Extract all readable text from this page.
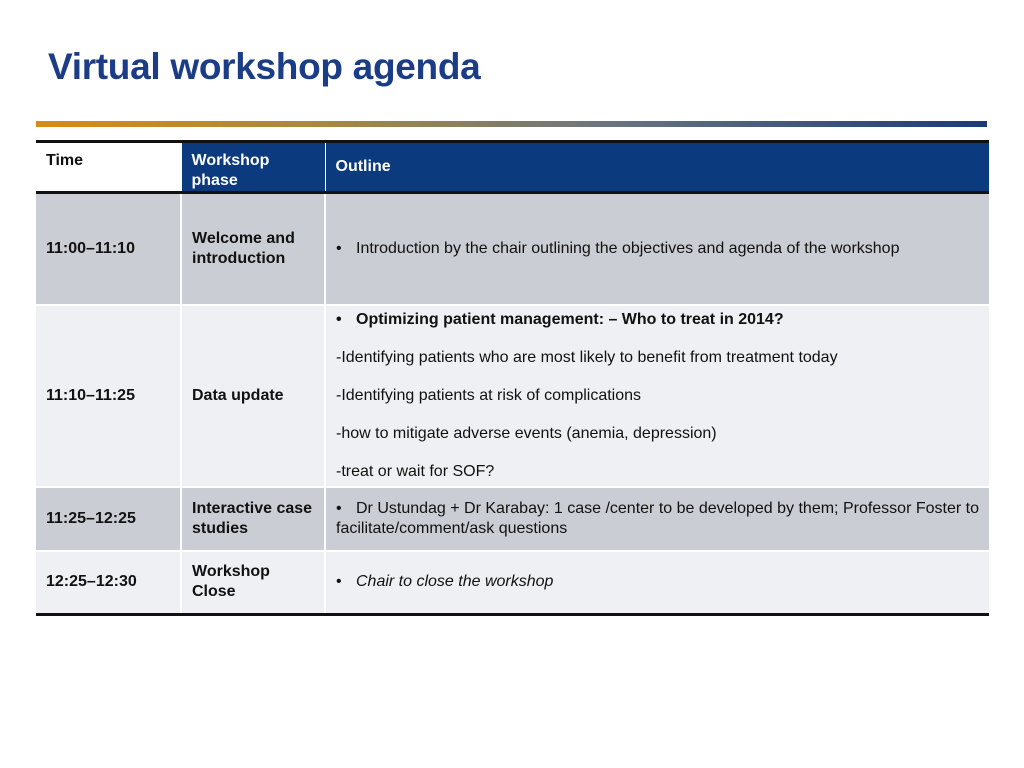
Virtual workshop agenda
Time	Workshop phase	Outline
11:00–11:10	Welcome and introduction	• Introduction by the chair outlining the objectives and agenda of the workshop

11:10–11:25	Data update	• Optimizing patient management: – Who to treat in 2014?
-Identifying patients who are most likely to benefit from treatment today
-Identifying patients at risk of complications
-how to mitigate adverse events (anemia, depression)
-treat or wait for SOF?

11:25–12:25	Interactive case studies	• Dr Ustundag + Dr Karabay: 1 case /center to be developed by them; Professor Foster to facilitate/comment/ask questions

12:25–12:30	Workshop Close	• Chair to close the workshop
